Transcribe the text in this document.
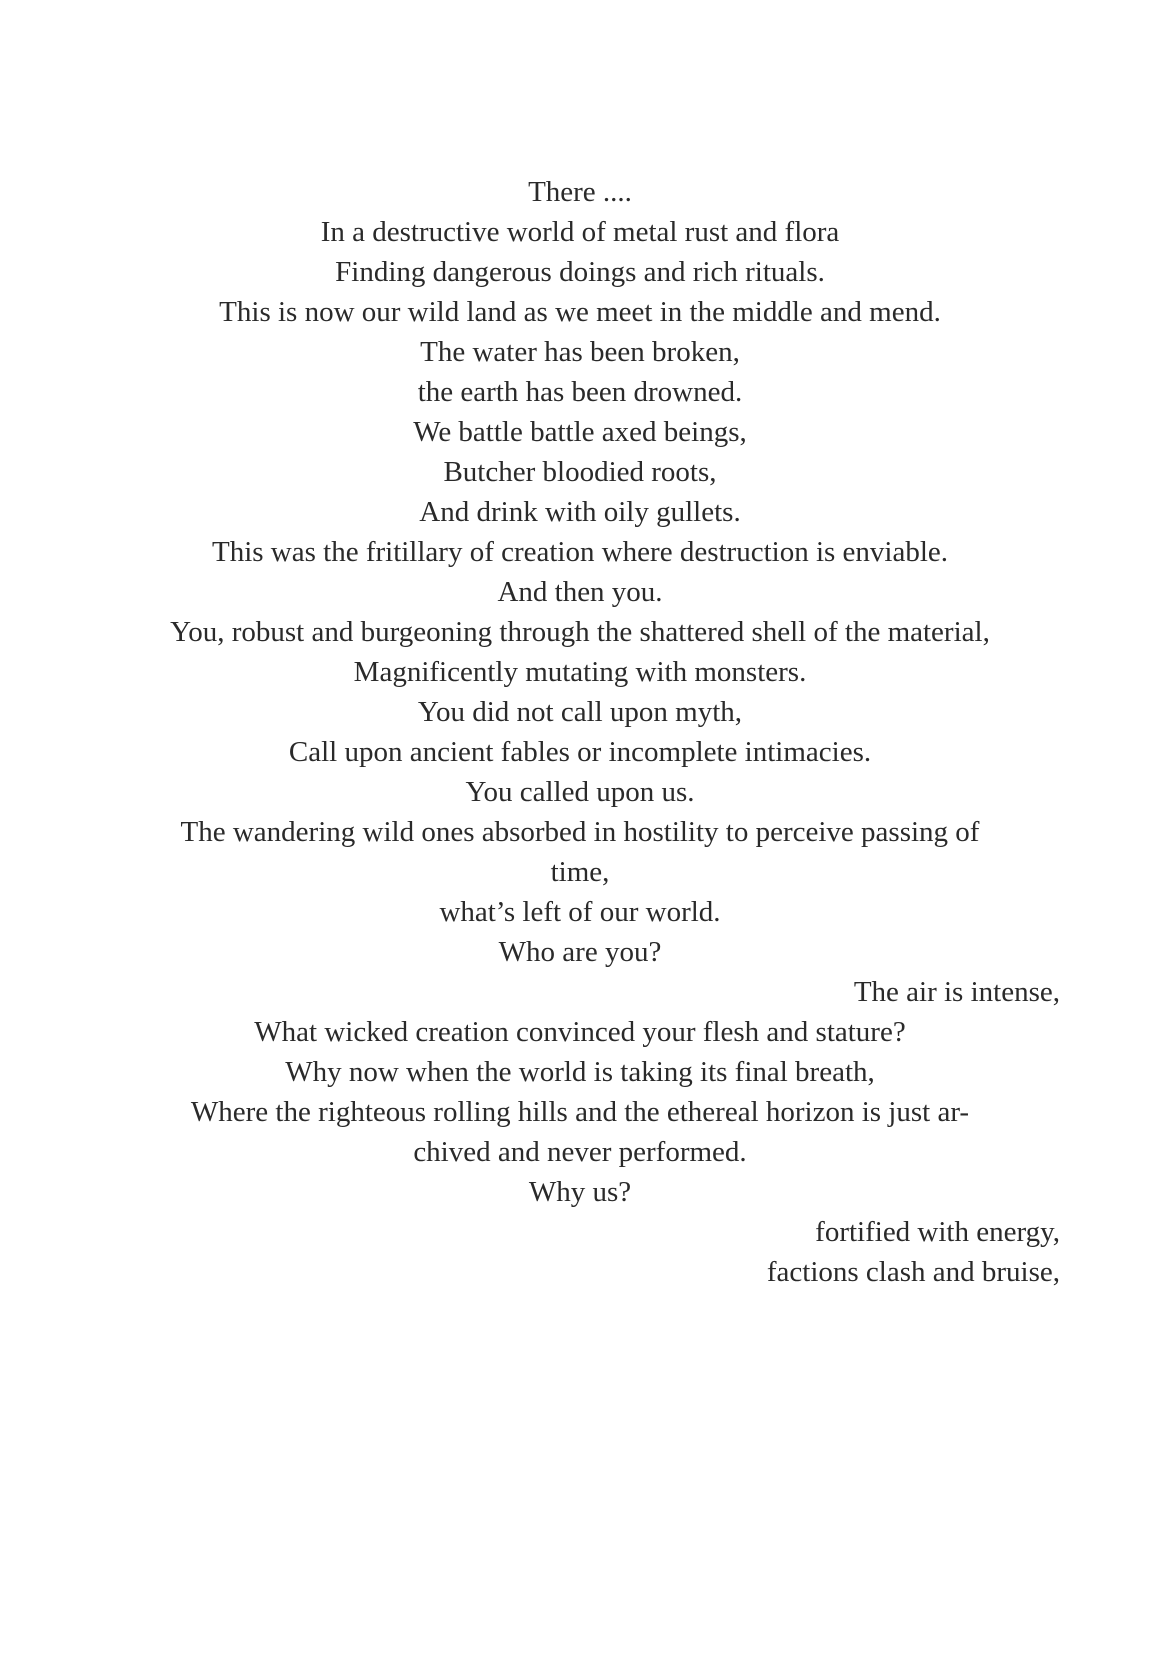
There ....
In a destructive world of metal rust and flora
Finding dangerous doings and rich rituals.
This is now our wild land as we meet in the middle and mend.
The water has been broken,
the earth has been drowned.
We battle battle axed beings,
Butcher bloodied roots,
And drink with oily gullets.
This was the fritillary of creation where destruction is enviable.
And then you.
You, robust and burgeoning through the shattered shell of the material,
Magnificently mutating with monsters.
You did not call upon myth,
Call upon ancient fables or incomplete intimacies.
You called upon us.
The wandering wild ones absorbed in hostility to perceive passing of
time,
what’s left of our world.
Who are you?
The air is intense,
What wicked creation convinced your flesh and stature?
Why now when the world is taking its final breath,
Where the righteous rolling hills and the ethereal horizon is just ar-
chived and never performed.
Why us?
fortified with energy,
factions clash and bruise,
